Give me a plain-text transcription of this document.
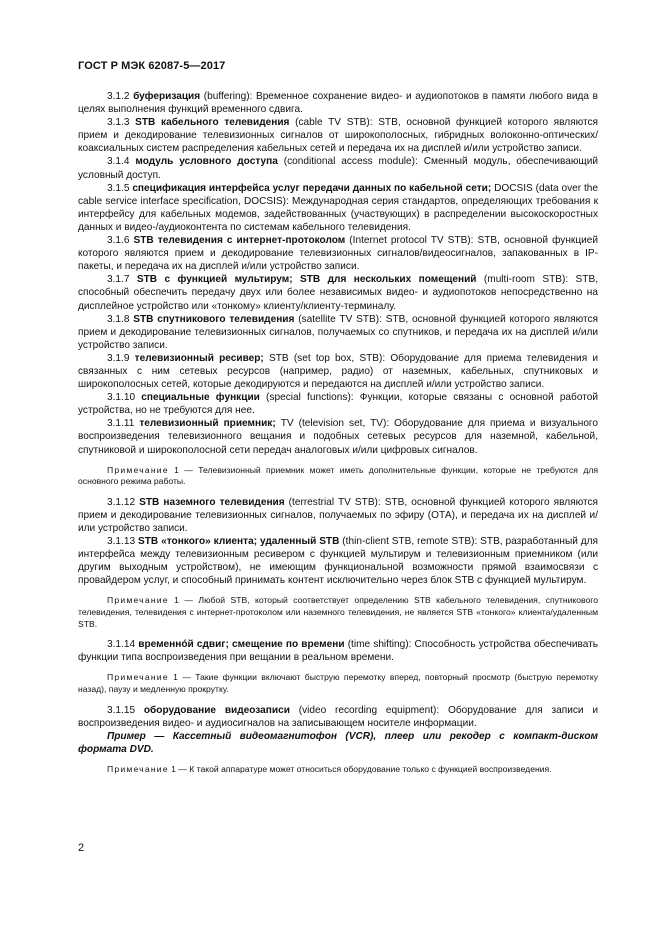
ГОСТ Р МЭК 62087-5—2017

3.1.2 буферизация (buffering): Временное сохранение видео- и аудиопотоков в памяти любого вида в целях выполнения функций временного сдвига.

3.1.3 STB кабельного телевидения (cable TV STB): STB, основной функцией которого являются прием и декодирование телевизионных сигналов от широкополосных, гибридных волоконно-оптических/коаксиальных систем распределения кабельных сетей и передача их на дисплей и/или устройство записи.

3.1.4 модуль условного доступа (conditional access module): Сменный модуль, обеспечивающий условный доступ.

3.1.5 спецификация интерфейса услуг передачи данных по кабельной сети; DOCSIS (data over the cable service interface specification, DOCSIS): Международная серия стандартов, определяющих требования к интерфейсу для кабельных модемов, задействованных (участвующих) в распределении высокоскоростных данных и видео-/аудиоконтента по системам кабельного телевидения.

3.1.6 STB телевидения с интернет-протоколом (Internet protocol TV STB): STB, основной функцией которого являются прием и декодирование телевизионных сигналов/видеосигналов, запакованных в IP-пакеты, и передача их на дисплей и/или устройство записи.

3.1.7 STB с функцией мультирум; STB для нескольких помещений (multi-room STB): STB, способный обеспечить передачу двух или более независимых видео- и аудиопотоков непосредственно на дисплейное устройство или «тонкому» клиенту/клиенту-терминалу.

3.1.8 STB спутникового телевидения (satellite TV STB): STB, основной функцией которого являются прием и декодирование телевизионных сигналов, получаемых со спутников, и передача их на дисплей и/или устройство записи.

3.1.9 телевизионный ресивер; STB (set top box, STB): Оборудование для приема телевидения и связанных с ним сетевых ресурсов (например, радио) от наземных, кабельных, спутниковых и широкополосных сетей, которые декодируются и передаются на дисплей и/или устройство записи.

3.1.10 специальные функции (special functions): Функции, которые связаны с основной работой устройства, но не требуются для нее.

3.1.11 телевизионный приемник; TV (television set, TV): Оборудование для приема и визуального воспроизведения телевизионного вещания и подобных сетевых ресурсов для наземной, кабельной, спутниковой и широкополосной сети передач аналоговых и/или цифровых сигналов.

Примечание 1 — Телевизионный приемник может иметь дополнительные функции, которые не требуются для основного режима работы.

3.1.12 STB наземного телевидения (terrestrial TV STB): STB, основной функцией которого являются прием и декодирование телевизионных сигналов, получаемых по эфиру (ОТА), и передача их на дисплей и/или устройство записи.

3.1.13 STB «тонкого» клиента; удаленный STB (thin-client STB, remote STB): STB, разработанный для интерфейса между телевизионным ресивером с функцией мультирум и телевизионным приемником (или другим выходным устройством), не имеющим функциональной возможности прямой взаимосвязи с провайдером услуг, и способный принимать контент исключительно через блок STB с функцией мультирум.

Примечание 1 — Любой STB, который соответствует определению STB кабельного телевидения, спутникового телевидения, телевидения с интернет-протоколом или наземного телевидения, не является STB «тонкого» клиента/удаленным STB.

3.1.14 временнóй сдвиг; смещение по времени (time shifting): Способность устройства обеспечивать функции типа воспроизведения при вещании в реальном времени.

Примечание 1 — Такие функции включают быструю перемотку вперед, повторный просмотр (быструю перемотку назад), паузу и медленную прокрутку.

3.1.15 оборудование видеозаписи (video recording equipment): Оборудование для записи и воспроизведения видео- и аудиосигналов на записывающем носителе информации.

Пример — Кассетный видеомагнитофон (VCR), плеер или рекодер с компакт-диском формата DVD.

Примечание 1 — К такой аппаратуре может относиться оборудование только с функцией воспроизведения.

2
